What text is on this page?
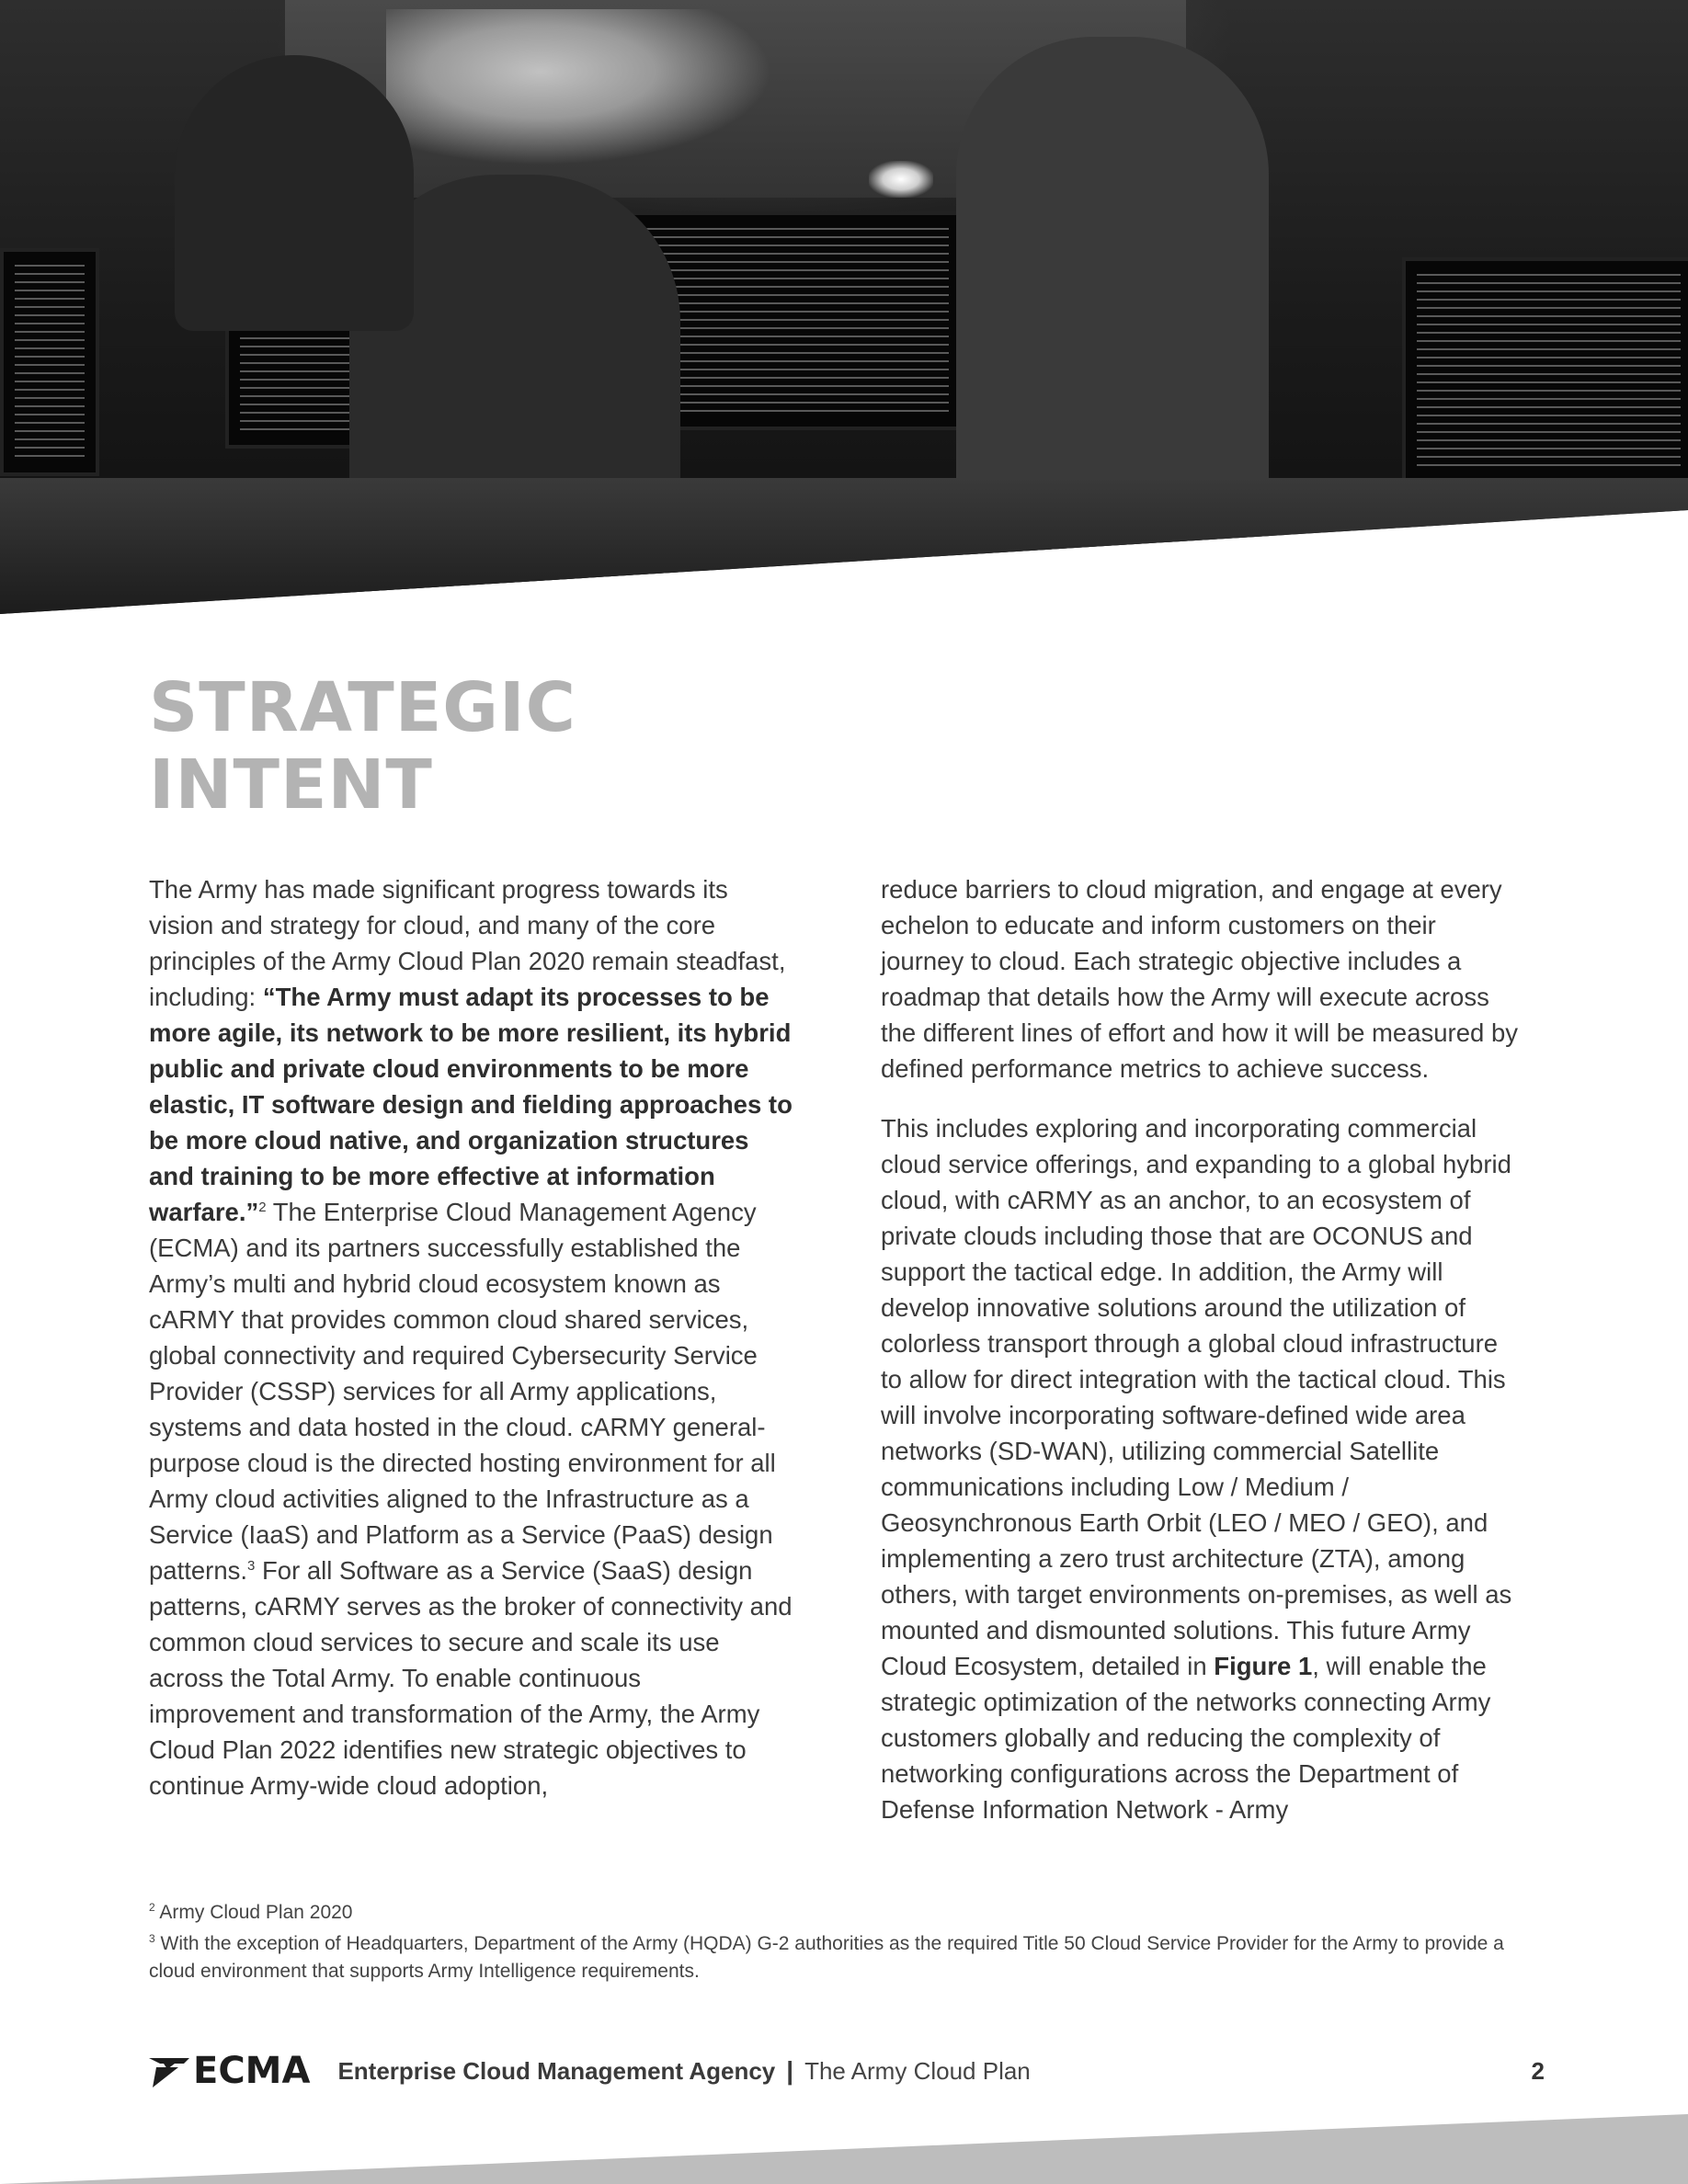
STRATEGIC
INTENT

The Army has made significant progress towards its vision and strategy for cloud, and many of the core principles of the Army Cloud Plan 2020 remain steadfast, including: “The Army must adapt its processes to be more agile, its network to be more resilient, its hybrid public and private cloud environments to be more elastic, IT software design and fielding approaches to be more cloud native, and organization structures and training to be more effective at information warfare.”$^2$ The Enterprise Cloud Management Agency (ECMA) and its partners successfully established the Army’s multi and hybrid cloud ecosystem known as cARMY that provides common cloud shared services, global connectivity and required Cybersecurity Service Provider (CSSP) services for all Army applications, systems and data hosted in the cloud. cARMY general-purpose cloud is the directed hosting environment for all Army cloud activities aligned to the Infrastructure as a Service (IaaS) and Platform as a Service (PaaS) design patterns.$^3$ For all Software as a Service (SaaS) design patterns, cARMY serves as the broker of connectivity and common cloud services to secure and scale its use across the Total Army. To enable continuous improvement and transformation of the Army, the Army Cloud Plan 2022 identifies new strategic objectives to continue Army-wide cloud adoption,

reduce barriers to cloud migration, and engage at every echelon to educate and inform customers on their journey to cloud. Each strategic objective includes a roadmap that details how the Army will execute across the different lines of effort and how it will be measured by defined performance metrics to achieve success.

This includes exploring and incorporating commercial cloud service offerings, and expanding to a global hybrid cloud, with cARMY as an anchor, to an ecosystem of private clouds including those that are OCONUS and support the tactical edge. In addition, the Army will develop innovative solutions around the utilization of colorless transport through a global cloud infrastructure to allow for direct integration with the tactical cloud. This will involve incorporating software-defined wide area networks (SD-WAN), utilizing commercial Satellite communications including Low / Medium / Geosynchronous Earth Orbit (LEO / MEO / GEO), and implementing a zero trust architecture (ZTA), among others, with target environments on-premises, as well as mounted and dismounted solutions. This future Army Cloud Ecosystem, detailed in Figure 1, will enable the strategic optimization of the networks connecting Army customers globally and reducing the complexity of networking configurations across the Department of Defense Information Network - Army

$^2$ Army Cloud Plan 2020

$^3$ With the exception of Headquarters, Department of the Army (HQDA) G-2 authorities as the required Title 50 Cloud Service Provider for the Army to provide a cloud environment that supports Army Intelligence requirements.

ECMA Enterprise Cloud Management Agency | The Army Cloud Plan	2
